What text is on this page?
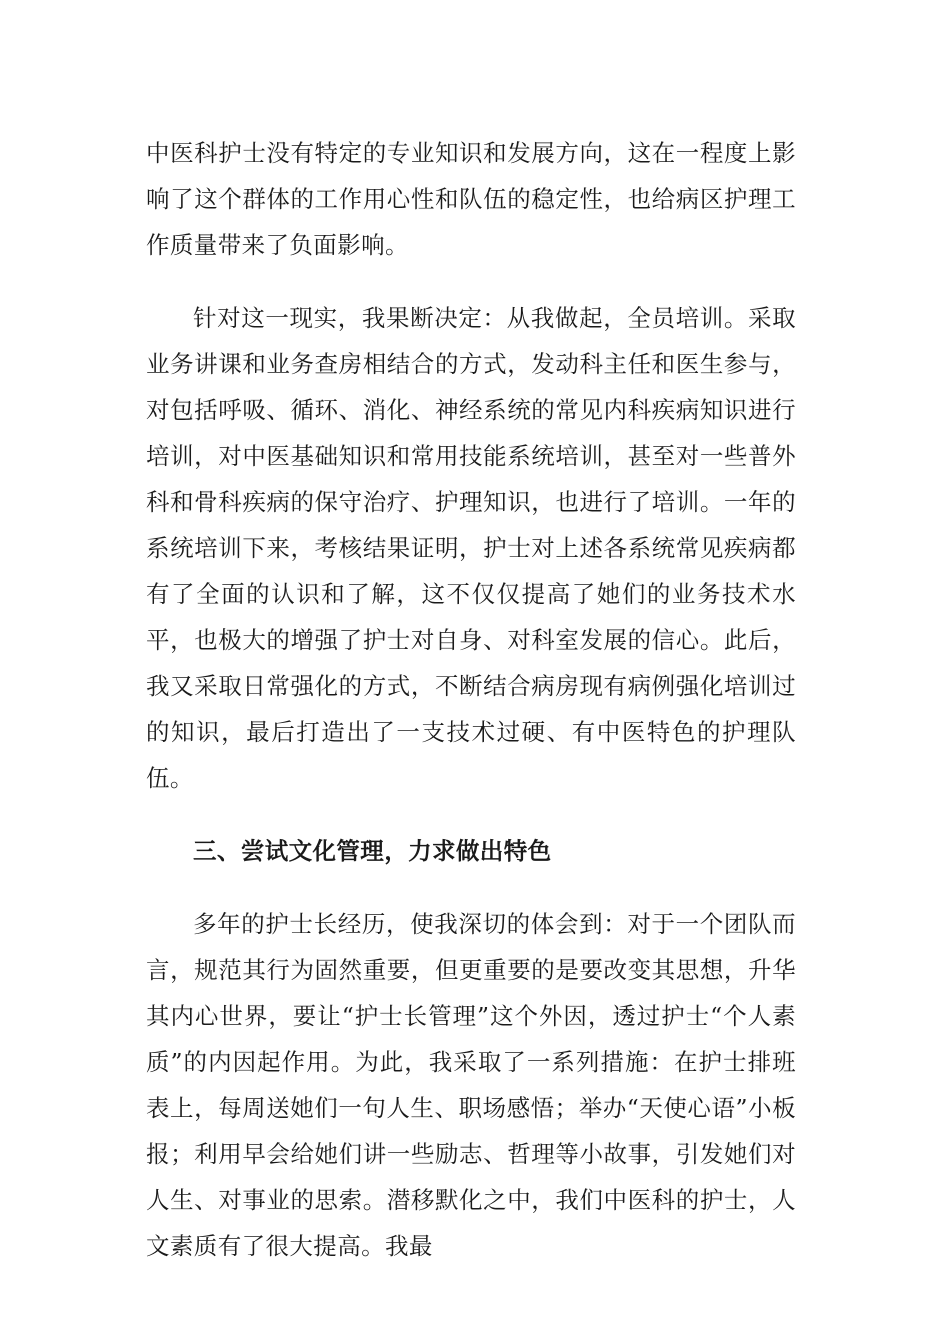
中医科护士没有特定的专业知识和发展方向，这在一程度上影响了这个群体的工作用心性和队伍的稳定性，也给病区护理工作质量带来了负面影响。

针对这一现实，我果断决定：从我做起，全员培训。采取业务讲课和业务查房相结合的方式，发动科主任和医生参与，对包括呼吸、循环、消化、神经系统的常见内科疾病知识进行培训，对中医基础知识和常用技能系统培训，甚至对一些普外科和骨科疾病的保守治疗、护理知识，也进行了培训。一年的系统培训下来，考核结果证明，护士对上述各系统常见疾病都有了全面的认识和了解，这不仅仅提高了她们的业务技术水平，也极大的增强了护士对自身、对科室发展的信心。此后，我又采取日常强化的方式，不断结合病房现有病例强化培训过的知识，最后打造出了一支技术过硬、有中医特色的护理队伍。

三、尝试文化管理，力求做出特色

多年的护士长经历，使我深切的体会到：对于一个团队而言，规范其行为固然重要，但更重要的是要改变其思想，升华其内心世界，要让“护士长管理”这个外因，透过护士“个人素质”的内因起作用。为此，我采取了一系列措施：在护士排班表上，每周送她们一句人生、职场感悟；举办“天使心语”小板报；利用早会给她们讲一些励志、哲理等小故事，引发她们对人生、对事业的思索。潜移默化之中，我们中医科的护士，人文素质有了很大提高。我最
